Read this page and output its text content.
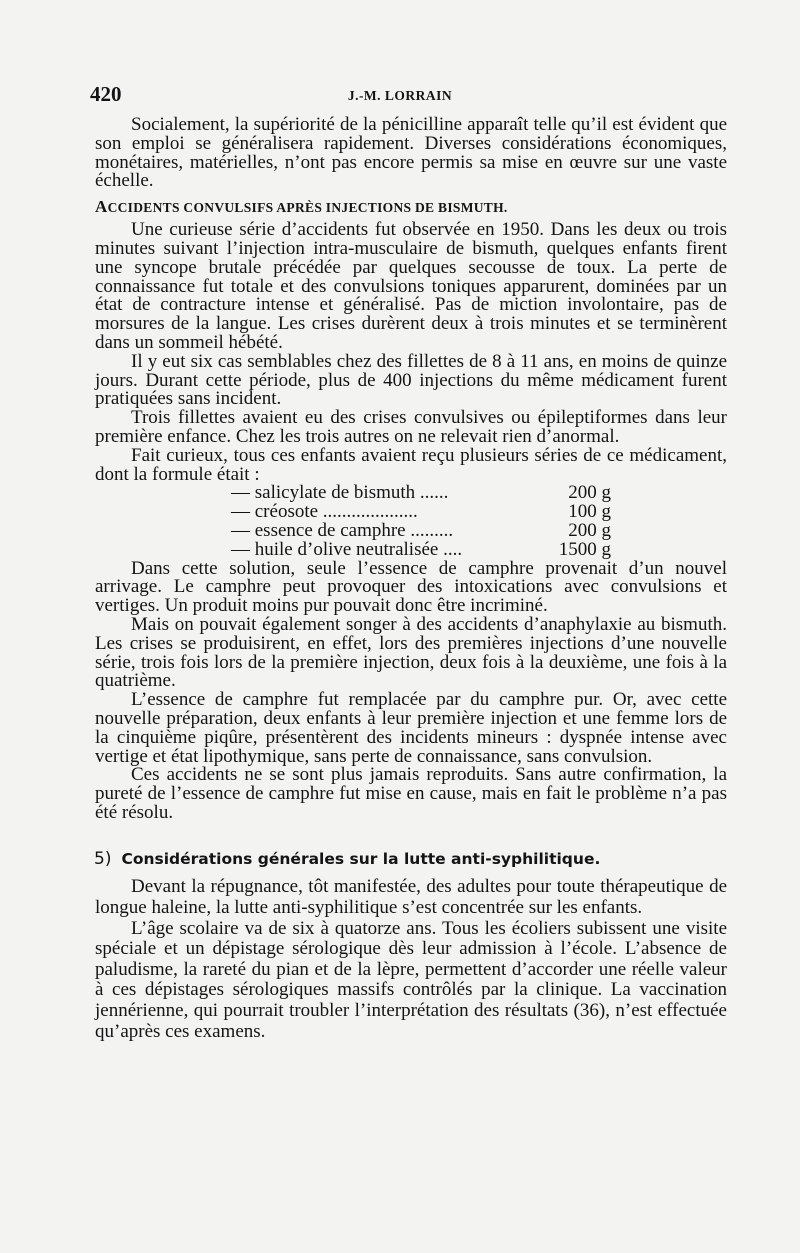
420	J.-M. LORRAIN

Socialement, la supériorité de la pénicilline apparaît telle qu’il est évident que son emploi se généralisera rapidement. Diverses considérations économiques, monétaires, matérielles, n’ont pas encore permis sa mise en œuvre sur une vaste échelle.

ACCIDENTS CONVULSIFS APRÈS INJECTIONS DE BISMUTH.

Une curieuse série d’accidents fut observée en 1950. Dans les deux ou trois minutes suivant l’injection intra-musculaire de bismuth, quelques enfants firent une syncope brutale précédée par quelques secousse de toux. La perte de connaissance fut totale et des convulsions toniques apparurent, dominées par un état de contracture intense et généralisé. Pas de miction involontaire, pas de morsures de la langue. Les crises durèrent deux à trois minutes et se terminèrent dans un sommeil hébété.

Il y eut six cas semblables chez des fillettes de 8 à 11 ans, en moins de quinze jours. Durant cette période, plus de 400 injections du même médicament furent pratiquées sans incident.

Trois fillettes avaient eu des crises convulsives ou épileptiformes dans leur première enfance. Chez les trois autres on ne relevait rien d’anormal.

Fait curieux, tous ces enfants avaient reçu plusieurs séries de ce médicament, dont la formule était :

— salicylate de bismuth ......	200 g
— créosote ....................	100 g
— essence de camphre .........	200 g
— huile d’olive neutralisée ....	1500 g

Dans cette solution, seule l’essence de camphre provenait d’un nouvel arrivage. Le camphre peut provoquer des intoxications avec convulsions et vertiges. Un produit moins pur pouvait donc être incriminé.

Mais on pouvait également songer à des accidents d’anaphylaxie au bismuth. Les crises se produisirent, en effet, lors des premières injections d’une nouvelle série, trois fois lors de la première injection, deux fois à la deuxième, une fois à la quatrième.

L’essence de camphre fut remplacée par du camphre pur. Or, avec cette nouvelle préparation, deux enfants à leur première injection et une femme lors de la cinquième piqûre, présentèrent des incidents mineurs : dyspnée intense avec vertige et état lipothymique, sans perte de connaissance, sans convulsion.

Ces accidents ne se sont plus jamais reproduits. Sans autre confirmation, la pureté de l’essence de camphre fut mise en cause, mais en fait le problème n’a pas été résolu.

5) Considérations générales sur la lutte anti-syphilitique.

Devant la répugnance, tôt manifestée, des adultes pour toute thérapeutique de longue haleine, la lutte anti-syphilitique s’est concentrée sur les enfants.

L’âge scolaire va de six à quatorze ans. Tous les écoliers subissent une visite spéciale et un dépistage sérologique dès leur admission à l’école. L’absence de paludisme, la rareté du pian et de la lèpre, permettent d’accorder une réelle valeur à ces dépistages sérologiques massifs contrôlés par la clinique. La vaccination jennérienne, qui pourrait troubler l’interprétation des résultats (36), n’est effectuée qu’après ces examens.
